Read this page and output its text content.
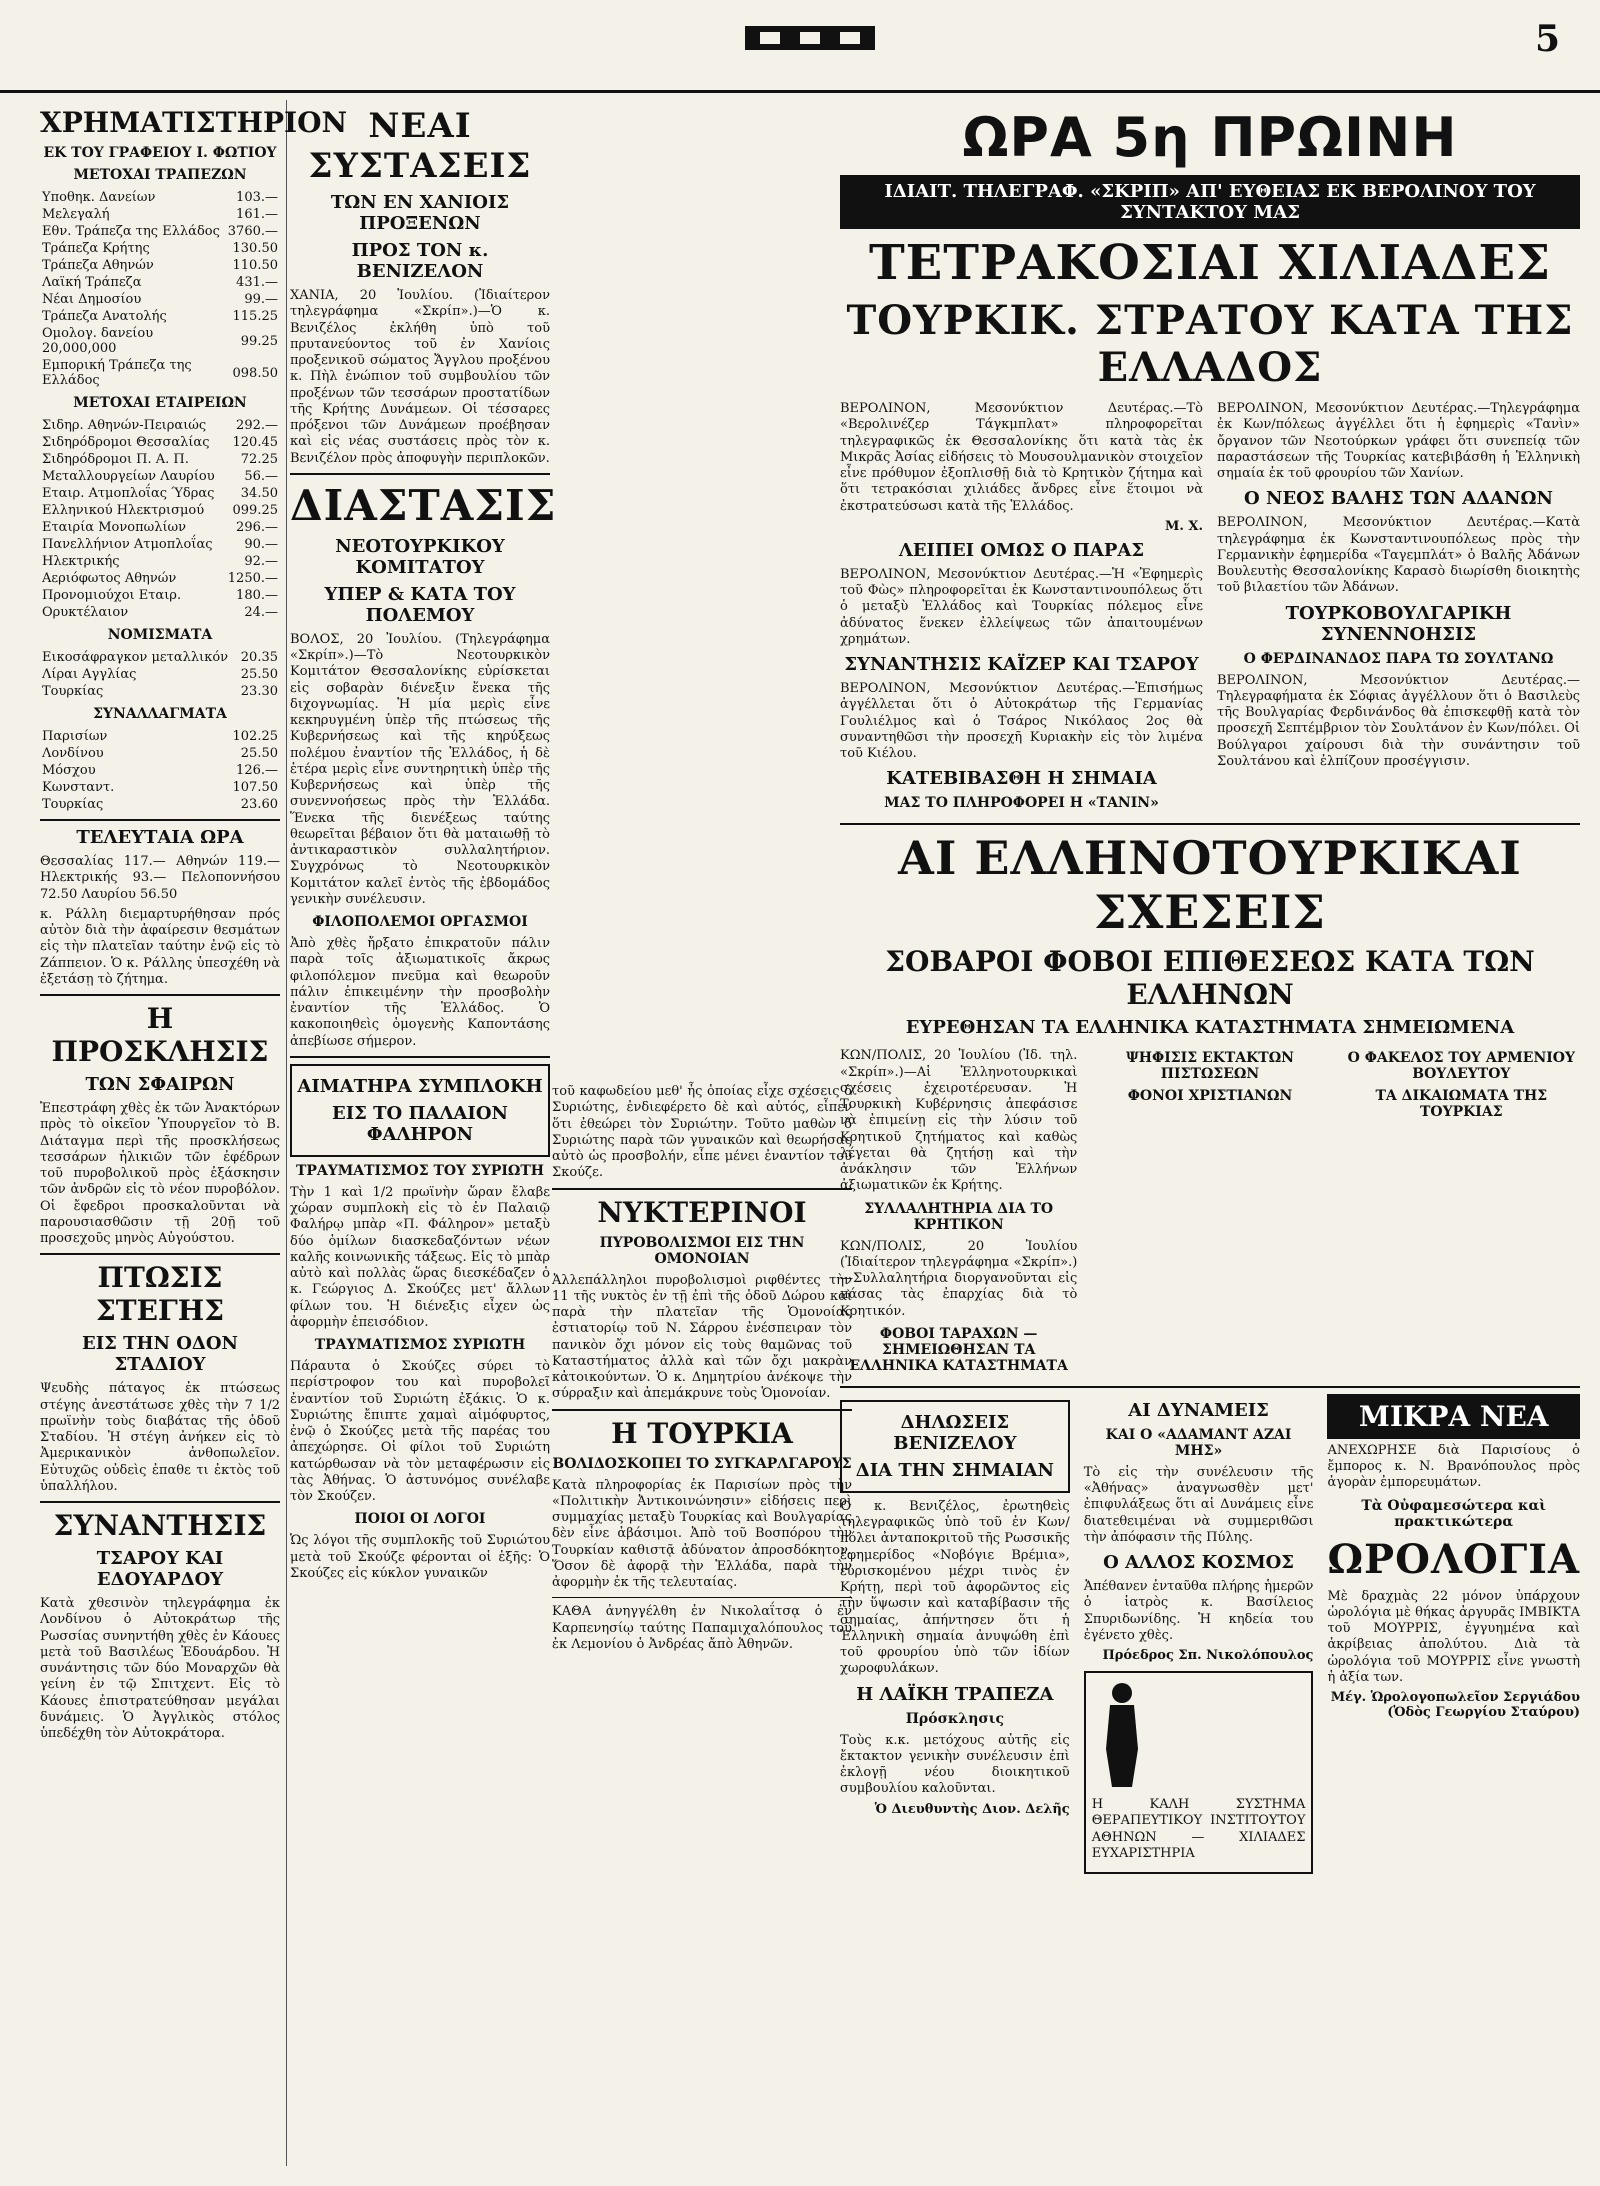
5
ΧΡΗΜΑΤΙΣΤΗΡΙΟΝ
ΕΚ ΤΟΥ ΓΡΑΦΕΙΟΥ Ι. ΦΩΤΙΟΥ
ΜΕΤΟΧΑΙ ΤΡΑΠΕΖΩΝ
Υποθηκ. Δανείων	103.—
Μελεγαλή	161.—
Εθν. Τράπεζα της Ελλάδος	3760.—
Τράπεζα Κρήτης	130.50
Τράπεζα Αθηνών	110.50
Λαϊκή Τράπεζα	431.—
Νέαι Δημοσίου	99.—
Τράπεζα Ανατολής	115.25
Ομολογ. δανείου 20,000,000	99.25
Εμπορική Τράπεζα της Ελλάδος	098.50
ΜΕΤΟΧΑΙ ΕΤΑΙΡΕΙΩΝ
Σιδηρ. Αθηνών-Πειραιώς	292.—
Σιδηρόδρομοι Θεσσαλίας	120.45
Σιδηρόδρομοι Π. Α. Π.	72.25
Μεταλλουργείων Λαυρίου	56.—
Εταιρ. Ατμοπλοΐας Ύδρας	34.50
Ελληνικού Ηλεκτρισμού	099.25
Εταιρία Μονοπωλίων	296.—
Πανελλήνιον Ατμοπλοΐας	90.—
Ηλεκτρικής	92.—
Αεριόφωτος Αθηνών	1250.—
Προνομιούχοι Εταιρ.	180.—
Ορυκτέλαιον	24.—
ΝΟΜΙΣΜΑΤΑ
Εικοσάφραγκον μεταλλικόν	20.35
Λίραι Αγγλίας	25.50
Τουρκίας	23.30
ΣΥΝΑΛΛΑΓΜΑΤΑ
Παρισίων	102.25
Λονδίνου	25.50
Μόσχου	126.—
Κωνσταντ.	107.50
Τουρκίας	23.60
ΤΕΛΕΥΤΑΙΑ ΩΡΑ

Θεσσαλίας 117.— Αθηνών 119.— Ηλεκτρικής 93.— Πελοποννήσου 72.50 Λαυρίου 56.50

κ. Ράλλη διεμαρτυρήθησαν πρός αὐτὸν διὰ τὴν ἀφαίρεσιν θεσμάτων εἰς τὴν πλατεῖαν ταύτην ἐνῷ εἰς τὸ Ζάππειον. Ὁ κ. Ράλλης ὑπεσχέθη νὰ ἐξετάσῃ τὸ ζήτημα.

Η ΠΡΟΣΚΛΗΣΙΣ
ΤΩΝ ΣΦΑΙΡΩΝ

Ἐπεστράφη χθὲς ἐκ τῶν Ἀνακτόρων πρὸς τὸ οἰκεῖον Ὑπουργεῖον τὸ Β. Διάταγμα περὶ τῆς προσκλήσεως τεσσάρων ἡλικιῶν τῶν ἐφέδρων τοῦ πυροβολικοῦ πρὸς ἐξάσκησιν τῶν ἀνδρῶν εἰς τὸ νέον πυροβόλον. Οἱ ἔφεδροι προσκαλοῦνται νὰ παρουσιασθῶσιν τῇ 20ῇ τοῦ προσεχοῦς μηνὸς Αὐγούστου.

ΠΤΩΣΙΣ ΣΤΕΓΗΣ
ΕΙΣ ΤΗΝ ΟΔΟΝ ΣΤΑΔΙΟΥ

Ψευδὴς πάταγος ἐκ πτώσεως στέγης ἀνεστάτωσε χθὲς τὴν 7 1/2 πρωϊνὴν τοὺς διαβάτας τῆς ὁδοῦ Σταδίου. Ἡ στέγη ἀνήκεν εἰς τὸ Ἀμερικανικὸν ἀνθοπωλεῖον. Εὐτυχῶς οὐδεὶς ἐπαθε τι ἐκτὸς τοῦ ὑπαλλήλου.

ΣΥΝΑΝΤΗΣΙΣ
ΤΣΑΡΟΥ ΚΑΙ ΕΔΟΥΑΡΔΟΥ

Κατὰ χθεσινὸν τηλεγράφημα ἐκ Λονδίνου ὁ Αὐτοκράτωρ τῆς Ρωσσίας συνηντήθη χθὲς ἐν Κάουες μετὰ τοῦ Βασιλέως Ἐδουάρδου. Ἡ συνάντησις τῶν δύο Μοναρχῶν θὰ γείνη ἐν τῷ Σπιτχεντ. Εἰς τὸ Κάουες ἐπιστρατεύθησαν μεγάλαι δυνάμεις. Ὁ Ἀγγλικὸς στόλος ὑπεδέχθη τὸν Αὐτοκράτορα.

ΝΕΑΙ ΣΥΣΤΑΣΕΙΣ
ΤΩΝ ΕΝ ΧΑΝΙΟΙΣ ΠΡΟΞΕΝΩΝ
ΠΡΟΣ ΤΟΝ κ. ΒΕΝΙΖΕΛΟΝ

ΧΑΝΙΑ, 20 Ἰουλίου. (Ἰδιαίτερον τηλεγράφημα «Σκρίπ».)—Ὁ κ. Βενιζέλος ἐκλήθη ὑπὸ τοῦ πρυτανεύοντος τοῦ ἐν Χανίοις προξενικοῦ σώματος Ἄγγλου προξένου κ. Πὴλ ἐνώπιον τοῦ συμβουλίου τῶν προξένων τῶν τεσσάρων προστατίδων τῆς Κρήτης Δυνάμεων. Οἱ τέσσαρες πρόξενοι τῶν Δυνάμεων προέβησαν καὶ εἰς νέας συστάσεις πρὸς τὸν κ. Βενιζέλον πρὸς ἀποφυγὴν περιπλοκῶν.

ΔΙΑΣΤΑΣΙΣ
ΝΕΟΤΟΥΡΚΙΚΟΥ ΚΟΜΙΤΑΤΟΥ
ΥΠΕΡ & ΚΑΤΑ ΤΟΥ ΠΟΛΕΜΟΥ

ΒΟΛΟΣ, 20 Ἰουλίου. (Τηλεγράφημα «Σκρίπ».)—Τὸ Νεοτουρκικὸν Κομιτάτον Θεσσαλονίκης εὑρίσκεται εἰς σοβαρὰν διένεξιν ἕνεκα τῆς διχογνωμίας. Ἡ μία μερὶς εἶνε κεκηρυγμένη ὑπὲρ τῆς πτώσεως τῆς Κυβερνήσεως καὶ τῆς κηρύξεως πολέμου ἐναντίον τῆς Ἑλλάδος, ἡ δὲ ἑτέρα μερὶς εἶνε συντηρητικὴ ὑπὲρ τῆς Κυβερνήσεως καὶ ὑπὲρ τῆς συνεννοήσεως πρὸς τὴν Ἑλλάδα. Ἕνεκα τῆς διενέξεως ταύτης θεωρεῖται βέβαιον ὅτι θὰ ματαιωθῇ τὸ ἀντικαραστικὸν συλλαλητήριον. Συγχρόνως τὸ Νεοτουρκικὸν Κομιτάτον καλεῖ ἐντὸς τῆς ἑβδομάδος γενικὴν συνέλευσιν.

ΦΙΛΟΠΟΛΕΜΟΙ ΟΡΓΑΣΜΟΙ

Ἀπὸ χθὲς ἤρξατο ἐπικρατοῦν πάλιν παρὰ τοῖς ἀξιωματικοῖς ἄκρως φιλοπόλεμον πνεῦμα καὶ θεωροῦν πάλιν ἐπικειμένην τὴν προσβολὴν ἐναντίον τῆς Ἑλλάδος. Ὁ κακοποιηθεὶς ὁμογενὴς Καποντάσης ἀπεβίωσε σήμερον.

ΑΙΜΑΤΗΡΑ ΣΥΜΠΛΟΚΗ
ΕΙΣ ΤΟ ΠΑΛΑΙΟΝ ΦΑΛΗΡΟΝ
ΤΡΑΥΜΑΤΙΣΜΟΣ ΤΟΥ ΣΥΡΙΩΤΗ

Τὴν 1 καὶ 1/2 πρωϊνὴν ὥραν ἔλαβε χώραν συμπλοκὴ εἰς τὸ ἐν Παλαιῷ Φαλήρῳ μπὰρ «Π. Φάληρον» μεταξὺ δύο ὁμίλων διασκεδαζόντων νέων καλῆς κοινωνικῆς τάξεως. Εἰς τὸ μπὰρ αὐτὸ καὶ πολλὰς ὥρας διεσκέδαζεν ὁ κ. Γεώργιος Δ. Σκούζες μετ' ἄλλων φίλων του. Ἡ διένεξις εἶχεν ὡς ἀφορμὴν ἐπεισόδιον.

ΤΡΑΥΜΑΤΙΣΜΟΣ ΣΥΡΙΩΤΗ

Πάραυτα ὁ Σκούζες σύρει τὸ περίστροφον του καὶ πυροβολεῖ ἐναντίον τοῦ Συριώτη ἐξάκις. Ὁ κ. Συριώτης ἔπιπτε χαμαὶ αἱμόφυρτος, ἐνῷ ὁ Σκούζες μετὰ τῆς παρέας του ἀπεχώρησε. Οἱ φίλοι τοῦ Συριώτη κατώρθωσαν νὰ τὸν μεταφέρωσιν εἰς τὰς Ἀθήνας. Ὁ ἀστυνόμος συνέλαβε τὸν Σκούζεν.

ΠΟΙΟΙ ΟΙ ΛΟΓΟΙ

Ὡς λόγοι τῆς συμπλοκῆς τοῦ Συριώτου μετὰ τοῦ Σκούζε φέρονται οἱ ἑξῆς: Ὁ Σκούζες εἰς κύκλον γυναικῶν

τοῦ καφωδείου μεθ' ἧς ὁποίας εἶχε σχέσεις ὁ Συριώτης, ἐνδιεφέρετο δὲ καὶ αὐτός, εἶπεν ὅτι ἐθεώρει τὸν Συριώτην. Τοῦτο μαθὼν ὁ Συριώτης παρὰ τῶν γυναικῶν καὶ θεωρήσας αὐτὸ ὡς προσβολήν, εἶπε μένει ἐναντίον τοῦ Σκούζε.

ΝΥΚΤΕΡΙΝΟΙ
ΠΥΡΟΒΟΛΙΣΜΟΙ ΕΙΣ ΤΗΝ ΟΜΟΝΟΙΑΝ

Ἀλλεπάλληλοι πυροβολισμοὶ ριφθέντες τὴν 11 τῆς νυκτὸς ἐν τῇ ἐπὶ τῆς ὁδοῦ Δώρου καὶ παρὰ τὴν πλατεῖαν τῆς Ὁμονοίας ἐστιατορίῳ τοῦ Ν. Σάρρου ἐνέσπειραν τὸν πανικὸν ὄχι μόνον εἰς τοὺς θαμῶνας τοῦ Καταστήματος ἀλλὰ καὶ τῶν ὄχι μακρὰν κἀτοικούντων. Ὁ κ. Δημητρίου ἀνέκοψε τὴν σύρραξιν καὶ ἀπεμάκρυνε τοὺς Ὁμονοίαν.

Η ΤΟΥΡΚΙΑ
ΒΟΛΙΔΟΣΚΟΠΕΙ ΤΟ ΣΥΓΚΑΡΛΓΑΡΟΥΣ

Κατὰ πληροφορίας ἐκ Παρισίων πρὸς τὴν «Πολιτικὴν Ἀντικοινώνησιν» εἰδήσεις περὶ συμμαχίας μεταξὺ Τουρκίας καὶ Βουλγαρίας δὲν εἶνε ἀβάσιμοι. Ἀπὸ τοῦ Βοσπόρου τὴν Τουρκίαν καθιστᾷ ἀδύνατον ἀπροσδόκητον. Ὅσον δὲ ἀφορᾷ τὴν Ἑλλάδα, παρὰ τὴν ἀφορμὴν ἐκ τῆς τελευταίας.

ΚΑΘΑ ἀνηγγέλθη ἐν Νικολαΐτσᾳ ὁ ἐν Καρπενησίῳ ταύτης Παπαμιχαλόπουλος τοῦ ἐκ Λεμονίου ὁ Ἀνδρέας ἄπὸ Ἀθηνῶν.

ΩΡΑ 5η ΠΡΩΙΝΗ
ΙΔΙΑΙΤ. ΤΗΛΕΓΡΑΦ. «ΣΚΡΙΠ» ΑΠ' ΕΥΘΕΙΑΣ ΕΚ ΒΕΡΟΛΙΝΟΥ ΤΟΥ ΣΥΝΤΑΚΤΟΥ ΜΑΣ
ΤΕΤΡΑΚΟΣΙΑΙ ΧΙΛΙΑΔΕΣ
ΤΟΥΡΚΙΚ. ΣΤΡΑΤΟΥ ΚΑΤΑ ΤΗΣ ΕΛΛΑΔΟΣ

ΒΕΡΟΛΙΝΟΝ, Μεσονύκτιον Δευτέρας.—Τὸ «Βερολινέζερ Τάγκμπλατ» πληροφορεῖται τηλεγραφικῶς ἐκ Θεσσαλονίκης ὅτι κατὰ τὰς ἐκ Μικρᾶς Ἀσίας εἰδήσεις τὸ Μουσουλμανικὸν στοιχεῖον εἶνε πρόθυμον ἐξοπλισθῇ διὰ τὸ Κρητικὸν ζήτημα καὶ ὅτι τετρακόσιαι χιλιάδες ἄνδρες εἶνε ἕτοιμοι νὰ ἐκστρατεύσωσι κατὰ τῆς Ἑλλάδος.

Μ. Χ.
ΛΕΙΠΕΙ ΟΜΩΣ Ο ΠΑΡΑΣ

ΒΕΡΟΛΙΝΟΝ, Μεσονύκτιον Δευτέρας.—Ἡ «Ἐφημερὶς τοῦ Φὼς» πληροφορεῖται ἐκ Κωνσταντινουπόλεως ὅτι ὁ μεταξὺ Ἑλλάδος καὶ Τουρκίας πόλεμος εἶνε ἀδύνατος ἕνεκεν ἐλλείψεως τῶν ἀπαιτουμένων χρημάτων.

ΣΥΝΑΝΤΗΣΙΣ ΚΑΪΖΕΡ ΚΑΙ ΤΣΑΡΟΥ

ΒΕΡΟΛΙΝΟΝ, Μεσονύκτιον Δευτέρας.—Ἐπισήμως ἀγγέλλεται ὅτι ὁ Αὐτοκράτωρ τῆς Γερμανίας Γουλιέλμος καὶ ὁ Τσάρος Νικόλαος 2ος θὰ συναντηθῶσι τὴν προσεχῆ Κυριακὴν εἰς τὸν λιμένα τοῦ Κιέλου.

ΚΑΤΕΒΙΒΑΣΘΗ Η ΣΗΜΑΙΑ
ΜΑΣ ΤΟ ΠΛΗΡΟΦΟΡΕΙ Η «ΤΑΝΙΝ»

ΒΕΡΟΛΙΝΟΝ, Μεσονύκτιον Δευτέρας.—Τηλεγράφημα ἐκ Κων/πόλεως ἀγγέλλει ὅτι ἡ ἐφημερὶς «Τανὶν» ὄργανον τῶν Νεοτούρκων γράφει ὅτι συνεπείᾳ τῶν παραστάσεων τῆς Τουρκίας κατεβιβάσθη ἡ Ἑλληνικὴ σημαία ἐκ τοῦ φρουρίου τῶν Χανίων.

Ο ΝΕΟΣ ΒΑΛΗΣ ΤΩΝ ΑΔΑΝΩΝ

ΒΕΡΟΛΙΝΟΝ, Μεσονύκτιον Δευτέρας.—Κατὰ τηλεγράφημα ἐκ Κωνσταντινουπόλεως πρὸς τὴν Γερμανικὴν ἐφημερίδα «Ταγεμπλάτ» ὁ Βαλῆς Ἀδάνων Βουλευτὴς Θεσσαλονίκης Καρασὸ διωρίσθη διοικητὴς τοῦ βιλαετίου τῶν Ἀδάνων.

ΤΟΥΡΚΟΒΟΥΛΓΑΡΙΚΗ ΣΥΝΕΝΝΟΗΣΙΣ
Ο ΦΕΡΔΙΝΑΝΔΟΣ ΠΑΡΑ ΤΩ ΣΟΥΛΤΑΝΩ

ΒΕΡΟΛΙΝΟΝ, Μεσονύκτιον Δευτέρας.—Τηλεγραφήματα ἐκ Σόφιας ἀγγέλλουν ὅτι ὁ Βασιλεὺς τῆς Βουλγαρίας Φερδινάνδος θὰ ἐπισκεφθῇ κατὰ τὸν προσεχῆ Σεπτέμβριον τὸν Σουλτάνον ἐν Κων/πόλει. Οἱ Βούλγαροι χαίρουσι διὰ τὴν συνάντησιν τοῦ Σουλτάνου καὶ ἐλπίζουν προσέγγισιν.

ΑΙ ΕΛΛΗΝΟΤΟΥΡΚΙΚΑΙ ΣΧΕΣΕΙΣ
ΣΟΒΑΡΟΙ ΦΟΒΟΙ ΕΠΙΘΕΣΕΩΣ ΚΑΤΑ ΤΩΝ ΕΛΛΗΝΩΝ
ΕΥΡΕΘΗΣΑΝ ΤΑ ΕΛΛΗΝΙΚΑ ΚΑΤΑΣΤΗΜΑΤΑ ΣΗΜΕΙΩΜΕΝΑ

ΚΩΝ/ΠΟΛΙΣ, 20 Ἰουλίου (Ἰδ. τηλ. «Σκρίπ».)—Αἱ Ἑλληνοτουρκικαὶ σχέσεις ἐχειροτέρευσαν. Ἡ Τουρκικὴ Κυβέρνησις ἀπεφάσισε νὰ ἐπιμείνῃ εἰς τὴν λύσιν τοῦ Κρητικοῦ ζητήματος καὶ καθὼς λέγεται θὰ ζητήσῃ καὶ τὴν ἀνάκλησιν τῶν Ἑλλήνων ἀξιωματικῶν ἐκ Κρήτης.

ΣΥΛΛΑΛΗΤΗΡΙΑ ΔΙΑ ΤΟ ΚΡΗΤΙΚΟΝ

ΚΩΝ/ΠΟΛΙΣ, 20 Ἰουλίου (Ἰδιαίτερον τηλεγράφημα «Σκρίπ».)—Συλλαλητήρια διοργανοῦνται εἰς πάσας τὰς ἐπαρχίας διὰ τὸ Κρητικόν.

ΦΟΒΟΙ ΤΑΡΑΧΩΝ — ΣΗΜΕΙΩΘΗΣΑΝ ΤΑ ΕΛΛΗΝΙΚΑ ΚΑΤΑΣΤΗΜΑΤΑ
ΨΗΦΙΣΙΣ ΕΚΤΑΚΤΩΝ ΠΙΣΤΩΣΕΩΝ
ΦΟΝΟΙ ΧΡΙΣΤΙΑΝΩΝ
Ο ΦΑΚΕΛΟΣ ΤΟΥ ΑΡΜΕΝΙΟΥ ΒΟΥΛΕΥΤΟΥ
ΤΑ ΔΙΚΑΙΩΜΑΤΑ ΤΗΣ ΤΟΥΡΚΙΑΣ
ΔΗΛΩΣΕΙΣ ΒΕΝΙΖΕΛΟΥ
ΔΙΑ ΤΗΝ ΣΗΜΑΙΑΝ

Ὁ κ. Βενιζέλος, ἐρωτηθεὶς τηλεγραφικῶς ὑπὸ τοῦ ἐν Κων/πόλει ἀνταποκριτοῦ τῆς Ρωσσικῆς ἐφημερίδος «Νοβόγιε Βρέμια», εὑρισκομένου μέχρι τινὸς ἐν Κρήτῃ, περὶ τοῦ ἀφορῶντος εἰς τὴν ὕψωσιν καὶ καταβίβασιν τῆς σημαίας, ἀπήντησεν ὅτι ἡ Ἑλληνικὴ σημαία ἀνυψώθη ἐπὶ τοῦ φρουρίου ὑπὸ τῶν ἰδίων χωροφυλάκων.

Η ΛΑΪΚΗ ΤΡΑΠΕΖΑ
Πρόσκλησις

Τοὺς κ.κ. μετόχους αὐτῆς εἰς ἔκτακτον γενικὴν συνέλευσιν ἐπὶ ἐκλογῇ νέου διοικητικοῦ συμβουλίου καλοῦνται.

Ὁ Διευθυντὴς Διον. Δελῆς
ΑΙ ΔΥΝΑΜΕΙΣ
ΚΑΙ Ο «ΑΔΑΜΑΝΤ ΑΖΑΙ ΜΗΣ»

Τὸ εἰς τὴν συνέλευσιν τῆς «Ἀθήνας» ἀναγνωσθὲν μετ' ἐπιφυλάξεως ὅτι αἱ Δυνάμεις εἶνε διατεθειμέναι νὰ συμμεριθῶσι τὴν ἀπόφασιν τῆς Πύλης.

Ο ΑΛΛΟΣ ΚΟΣΜΟΣ

Ἀπέθανεν ἐνταῦθα πλήρης ἡμερῶν ὁ ἰατρὸς κ. Βασίλειος Σπυριδωνίδης. Ἡ κηδεία του ἐγένετο χθὲς.

Πρόεδρος Σπ. Νικολόπουλος
Η ΚΑΛΗ ΣΥΣΤΗΜΑ ΘΕΡΑΠΕΥΤΙΚΟΥ ΙΝΣΤΙΤΟΥΤΟΥ ΑΘΗΝΩΝ — ΧΙΛΙΑΔΕΣ ΕΥΧΑΡΙΣΤΗΡΙΑ
ΜΙΚΡΑ ΝΕΑ

ΑΝΕΧΩΡΗΣΕ διὰ Παρισίους ὁ ἔμπορος κ. Ν. Βρανόπουλος πρὸς ἀγορὰν ἐμπορευμάτων.

Τὰ Οὐφαμεσώτερα καὶ πρακτικώτερα
ΩΡΟΛΟΓΙΑ

Μὲ δραχμὰς 22 μόνον ὑπάρχουν ὡρολόγια μὲ θήκας ἀργυρᾶς ΙΜΒΙΚΤΑ τοῦ ΜΟΥΡΡΙΣ, ἐγγυημένα καὶ ἀκρίβειας ἀπολύτου. Διὰ τὰ ὡρολόγια τοῦ ΜΟΥΡΡΙΣ εἶνε γνωστὴ ἡ ἀξία των.

Μέγ. Ὡρολογοπωλεῖον Σεργιάδου
(Ὁδὸς Γεωργίου Σταύρου)
